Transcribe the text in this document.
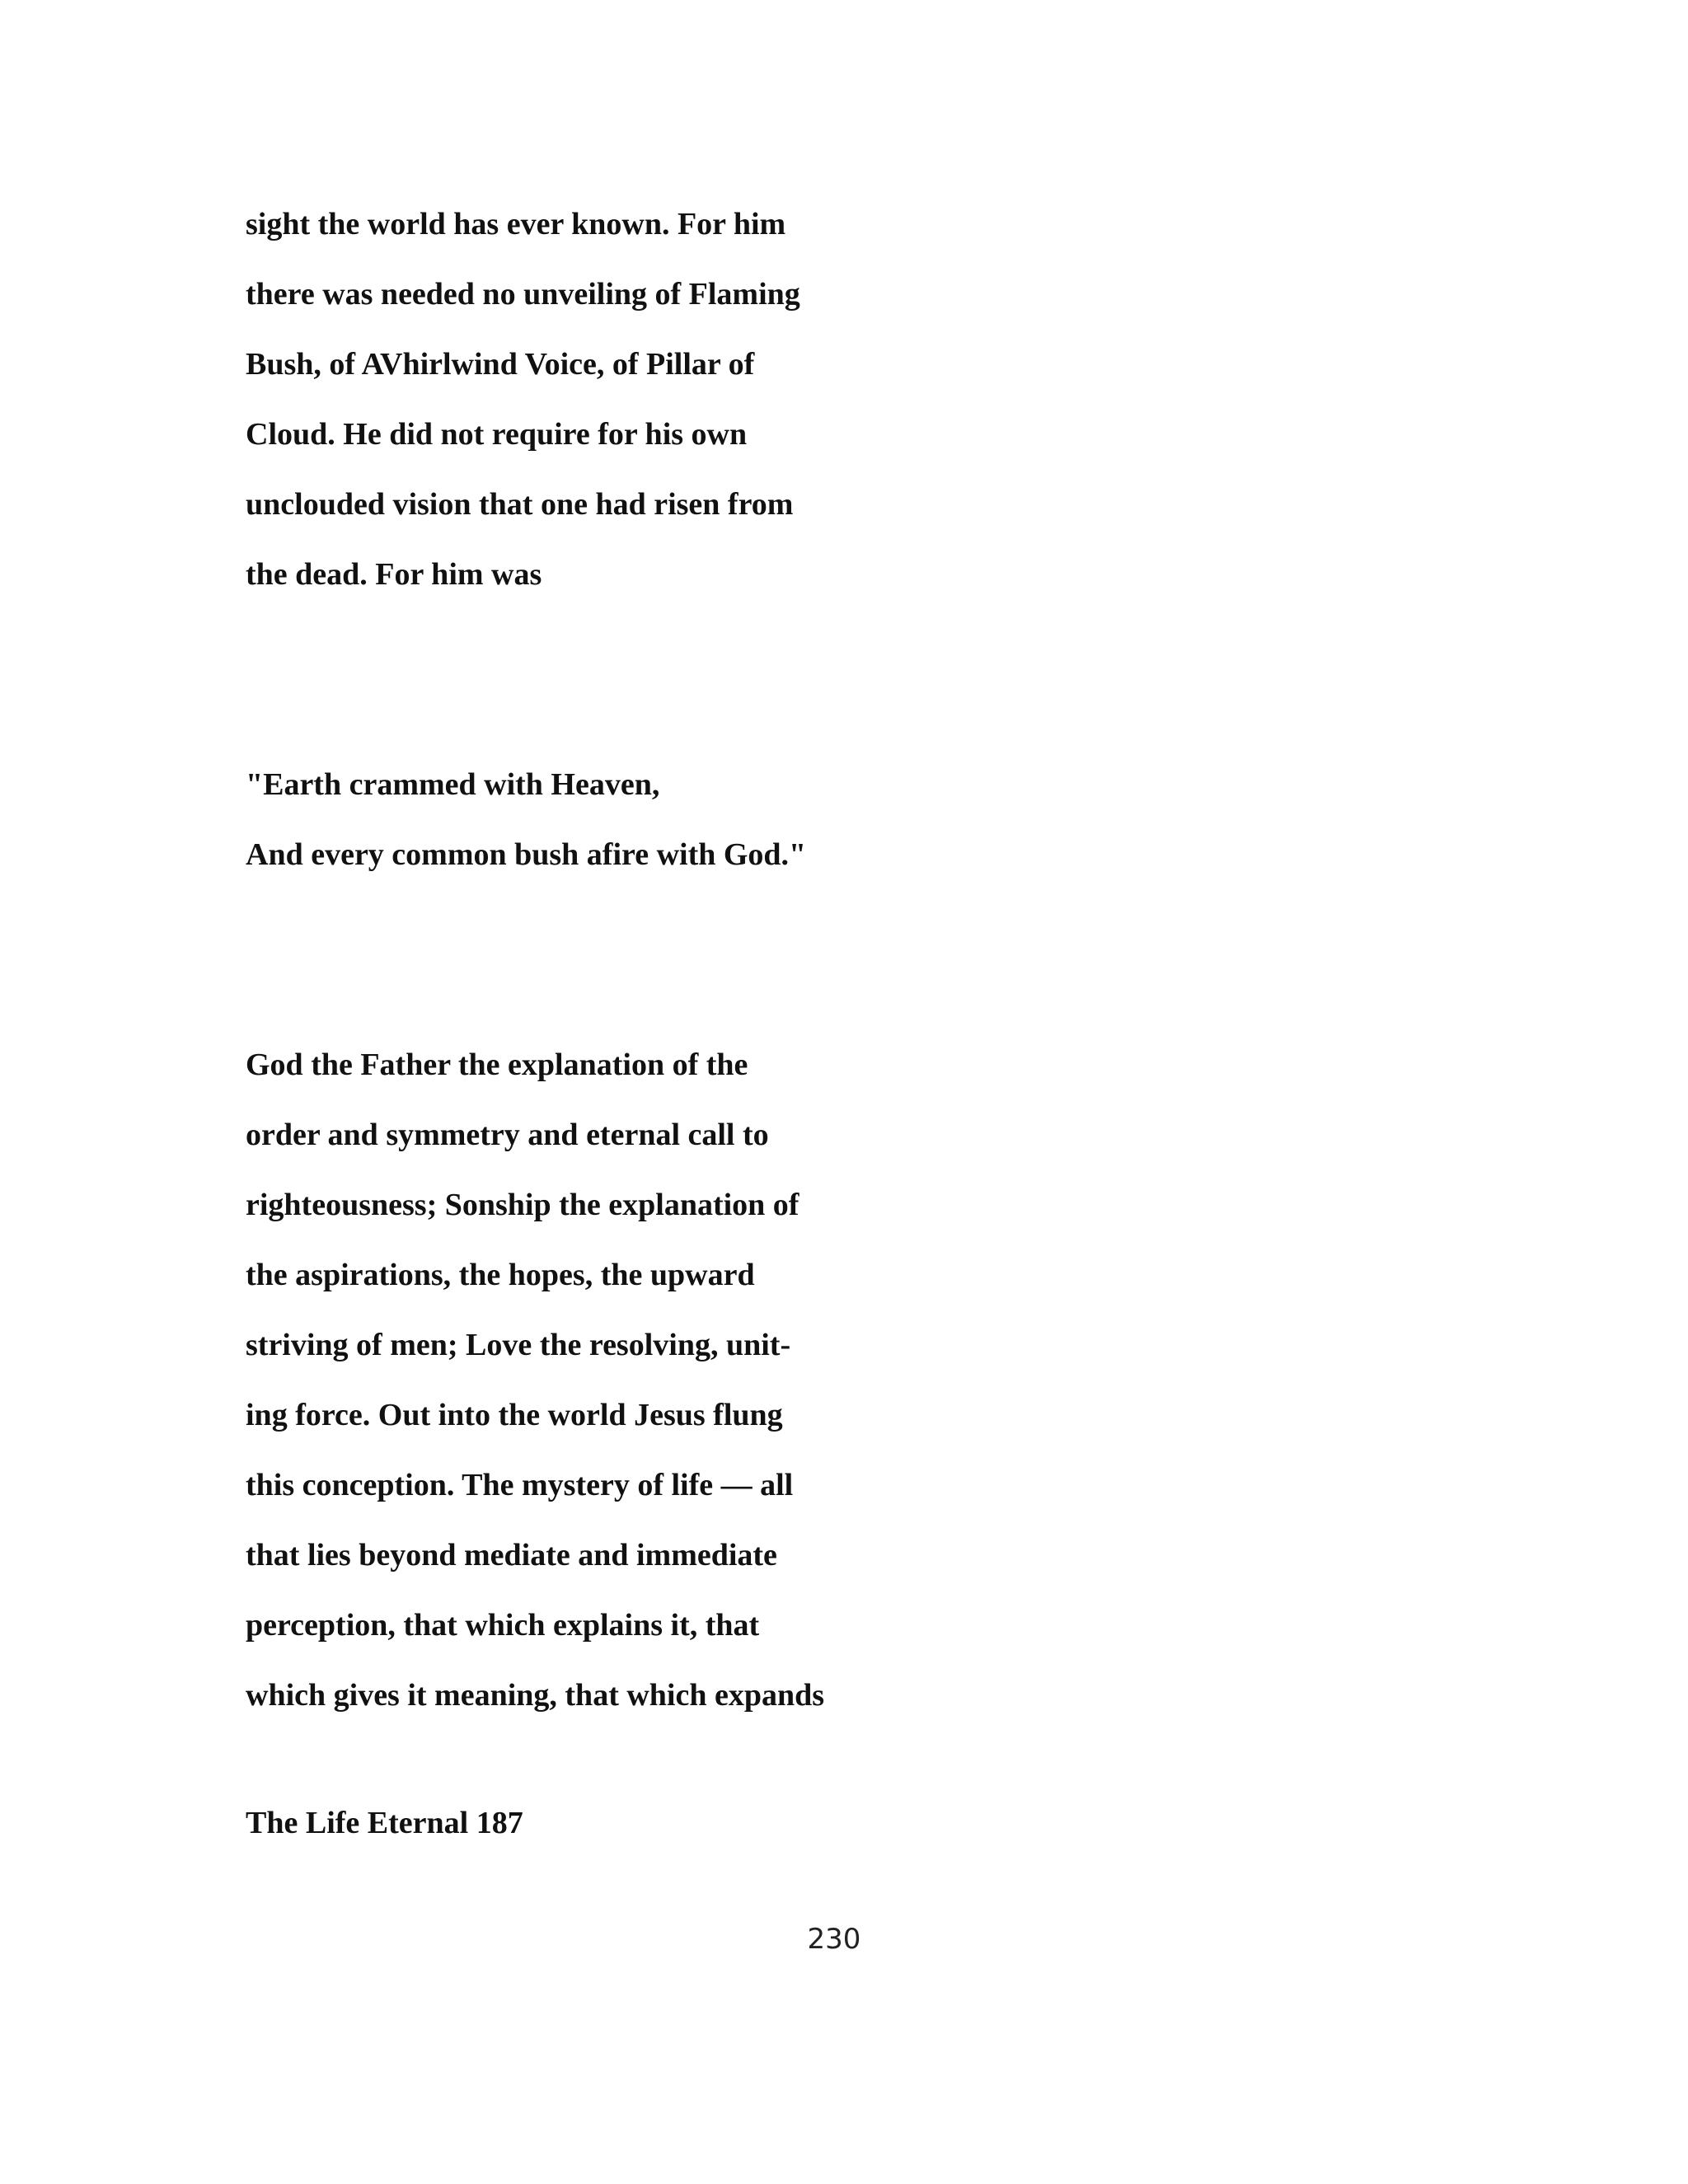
sight the world has ever known. For him
there was needed no unveiling of Flaming
Bush, of AVhirlwind Voice, of Pillar of
Cloud. He did not require for his own
unclouded vision that one had risen from
the dead. For him was
"Earth crammed with Heaven,
And every common bush afire with God."
God the Father the explanation of the
order and symmetry and eternal call to
righteousness; Sonship the explanation of
the aspirations, the hopes, the upward
striving of men; Love the resolving, unit-
ing force. Out into the world Jesus flung
this conception. The mystery of life — all
that lies beyond mediate and immediate
perception, that which explains it, that
which gives it meaning, that which expands
The Life Eternal 187
230
